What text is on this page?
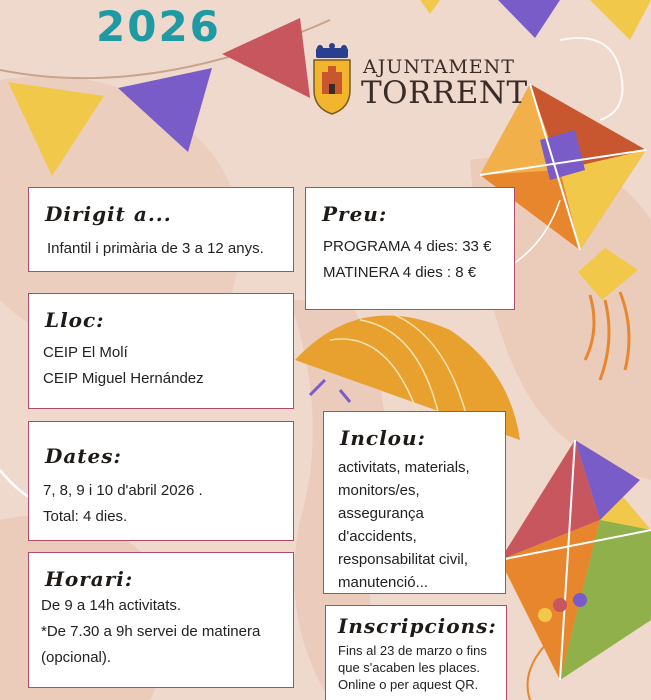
2026
AJUNTAMENT
TORRENT
Dirigit a...
Infantil i primària de 3 a 12 anys.
Preu:
PROGRAMA 4 dies: 33 €
MATINERA 4 dies : 8 €
Lloc:
CEIP El Molí
CEIP Miguel Hernández
Inclou:
activitats, materials,
monitors/es,
assegurança
d'accidents,
responsabilitat civil,
manutenció...
Dates:
7, 8, 9 i 10 d'abril 2026 .
Total: 4 dies.
Horari:
De 9 a 14h activitats.
*De 7.30 a 9h servei de matinera
(opcional).
Inscripcions:
Fins al 23 de marzo o fins
que s'acaben les places.
Online o per aquest QR.
